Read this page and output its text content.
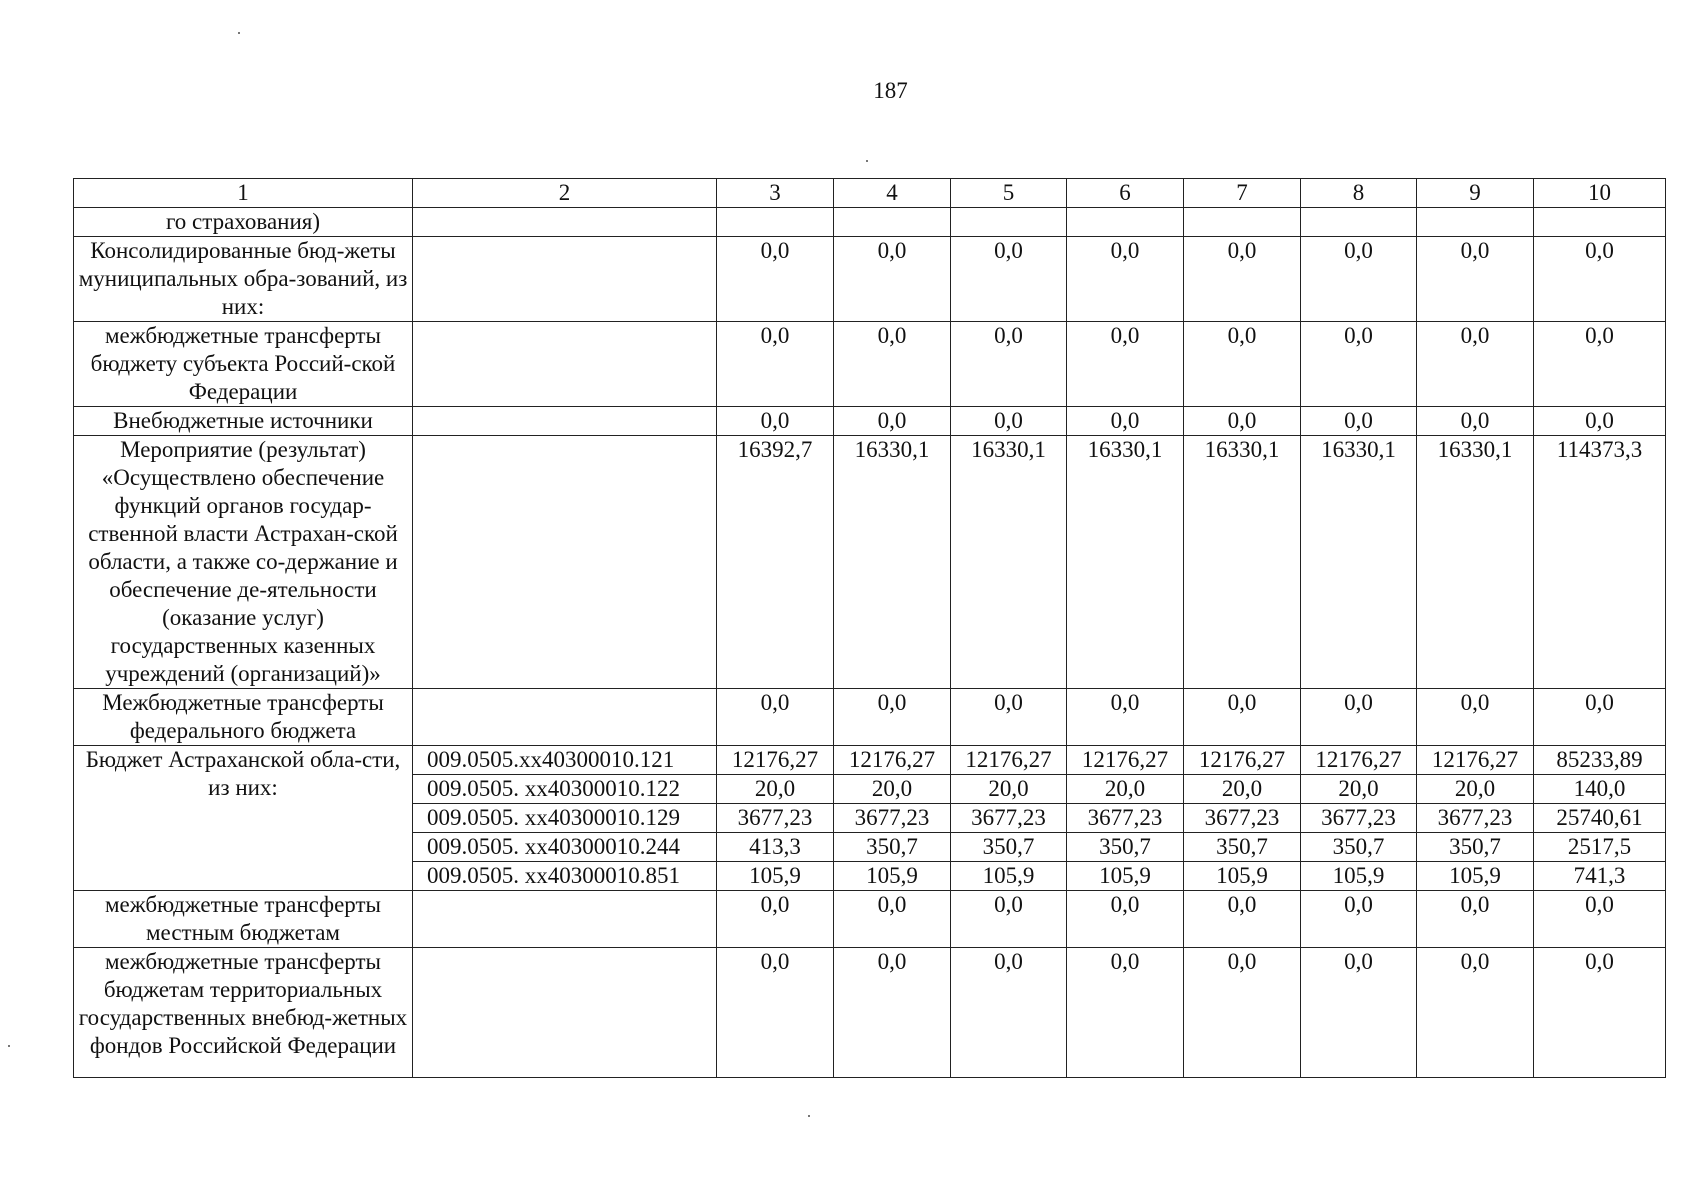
187
1	2	3	4	5	6	7	8	9	10
го страхования)									
Консолидированные бюд-жеты муниципальных обра-зований, из них:		0,0	0,0	0,0	0,0	0,0	0,0	0,0	0,0
межбюджетные трансферты бюджету субъекта Россий-ской Федерации		0,0	0,0	0,0	0,0	0,0	0,0	0,0	0,0
Внебюджетные источники		0,0	0,0	0,0	0,0	0,0	0,0	0,0	0,0
Мероприятие (результат) «Осуществлено обеспечение функций органов государ-ственной власти Астрахан-ской области, а также со-держание и обеспечение де-ятельности (оказание услуг) государственных казенных учреждений (организаций)»		16392,7	16330,1	16330,1	16330,1	16330,1	16330,1	16330,1	114373,3
Межбюджетные трансферты федерального бюджета		0,0	0,0	0,0	0,0	0,0	0,0	0,0	0,0
Бюджет Астраханской обла-сти, из них:	009.0505.хх40300010.121	12176,27	12176,27	12176,27	12176,27	12176,27	12176,27	12176,27	85233,89
	009.0505. хх40300010.122	20,0	20,0	20,0	20,0	20,0	20,0	20,0	140,0
	009.0505. хх40300010.129	3677,23	3677,23	3677,23	3677,23	3677,23	3677,23	3677,23	25740,61
	009.0505. хх40300010.244	413,3	350,7	350,7	350,7	350,7	350,7	350,7	2517,5
	009.0505. хх40300010.851	105,9	105,9	105,9	105,9	105,9	105,9	105,9	741,3
межбюджетные трансферты местным бюджетам		0,0	0,0	0,0	0,0	0,0	0,0	0,0	0,0
межбюджетные трансферты бюджетам территориальных государственных внебюд-жетных фондов Российской Федерации		0,0	0,0	0,0	0,0	0,0	0,0	0,0	0,0
